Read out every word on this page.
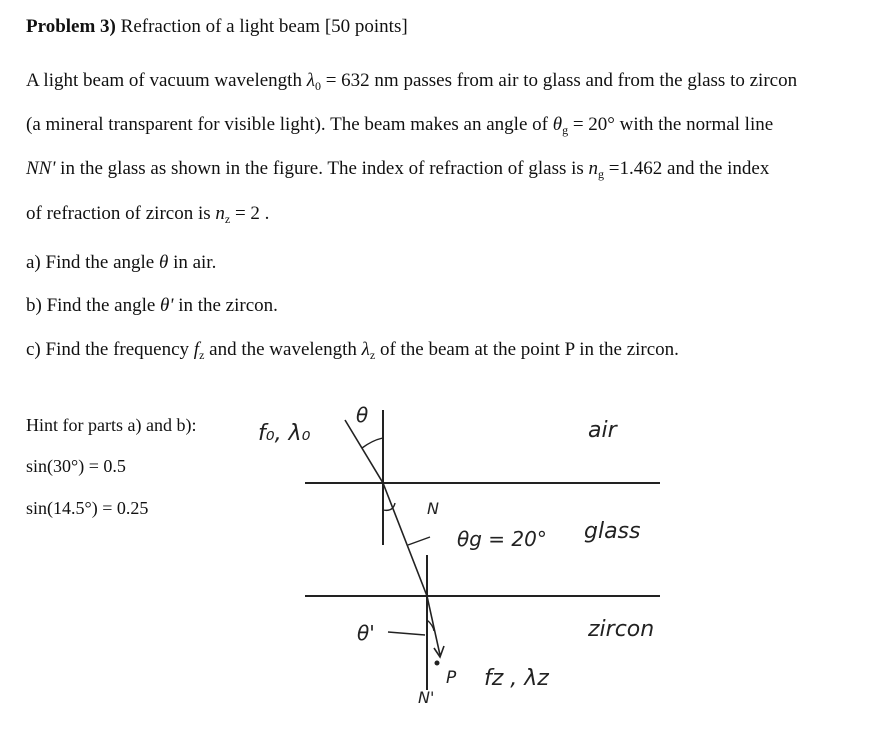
Problem 3) Refraction of a light beam [50 points]
A light beam of vacuum wavelength $\lambda_0 = 632$ nm passes from air to glass and from the glass to zircon
(a mineral transparent for visible light). The beam makes an angle of $\theta_g = 20^\circ$ with the normal line
NN' in the glass as shown in the figure. The index of refraction of glass is $n_g =1.462$ and the index
of refraction of zircon is $n_z = 2$ .
a) Find the angle θ in air.
b) Find the angle θ' in the zircon.
c) Find the frequency $f_z$ and the wavelength $\lambda_z$ of the beam at the point P in the zircon.
Hint for parts a) and b):
sin(30°) = 0.5
sin(14.5°) = 0.25
f₀, λ₀
θ
air
N
θg = 20° glass
zircon
θ'
P fz , λz
N'
